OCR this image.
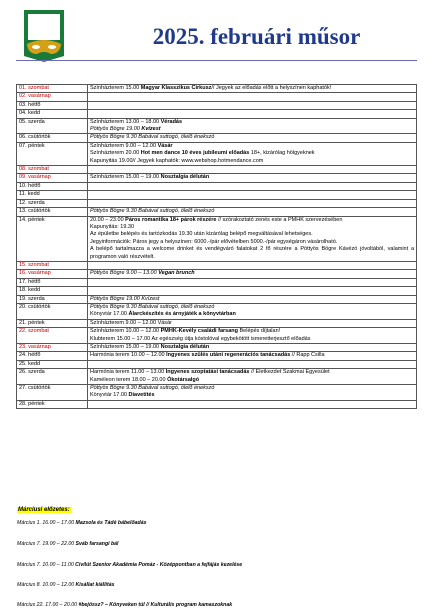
2025. februári műsor
01. szombat	Színházterem 15.00 Magyar Klasszikus Cirkusz// Jegyek az előadás előtt a helyszínen kaphatók!

02. vasárnap	
03. hétfő	
04. kedd	
05. szerda	Színházterem 13.00 – 18.00 Véradás
Pöttyös Bögre 19.00 Kvízest

06. csütörtök	Pöttyös Bögre 9.30 Babával suttogó, ölelő énekszó

07. péntek	Színházterem 9.00 – 12.00 Vásár
Színházterem 20.00 Hot men dance 10 éves jubileumi előadás 18+, kizárólag hölgyeknek
Kapunyitás 19.00// Jegyek kaphatók: www.webshop.hotmendance.com

08. szombat	
09. vasárnap	Színházterem 15.00 – 19.00 Nosztalgia délután

10. hétfő	
11. kedd	
12. szerda	
13. csütörtök	Pöttyös Bögre 9.30 Babával suttogó, ölelő énekszó

14. péntek	20.00 – 23.00 Páros romantika 18+ párok részére // szórakoztató zenés este a PMHK szervezésében
Kapunyitás: 19.30
Az épületbe belépés és tartózkodás 19.30 után kizárólag belépő megváltásával lehetséges.
Jegyinformációk: Páros jegy a helyszínen: 6000.-/pár elővételben 5000.-/pár egységáron vásárolható.
A belépő tartalmazza a welcome drinket és vendégváró falatokat 2 fő részére a Pöttyös Bögre Kávézó jóvoltából, valamint a programon való részvételt.

15. szombat	
16. vasárnap	Pöttyös Bögre 9.00 – 13.00 Vegan brunch

17. hétfő	
18. kedd	
19. szerda	Pöttyös Bögre 19.00 Kvízest

20. csütörtök	Pöttyös Bögre 9.30 Babával suttogó, ölelő énekszó
Könyvtár 17.00 Álarckészítés és árnyjáték a könyvtárban

21. péntek	Színházterem 9.00 – 12.00 Vásár

22. szombat	Színházterem 10.00 – 12.00 PMHK-Kevély családi farsang Belépés díjtalan!
Klubterem 15.00 – 17.00 Az egészség útja kóstolóval egybekötött ismeretterjesztő előadás

23. vasárnap	Színházterem 15.00 – 19.00 Nosztalgia délután

24. hétfő	Harmónia terem 10.00 – 12.00 Ingyenes szülés utáni regenerációs tanácsadás // Rapp Csilla

25. kedd	
26. szerda	Harmónia terem 11.00 – 13.00 Ingyenes szoptatási tanácsadás // Életkezdet Szakmai Egyesület
Kaméleon terem 18.00 – 20.00 Ókotársalgó

27. csütörtök	Pöttyös Bögre 9.30 Babával suttogó, ölelő énekszó
Könyvtár 17.00 Diavetítés

28. péntek	
Márciusi előzetes:
Március 1. 16.00 – 17.00 Mazsola és Tádé bábelőadás
Március 7. 19.00 – 22.00 Sváb farsangi bál
Március 7. 10.00 – 11.00 Civilút Szenior Akadémia Pomáz - Középpontban a fejfájás kezelése
Március 8. 10.00 – 12.00 Kisállat kiállítás
Március 22. 17.00 – 20.00 #bejössz? – Könyveken túl // Kulturális program kamaszoknak
